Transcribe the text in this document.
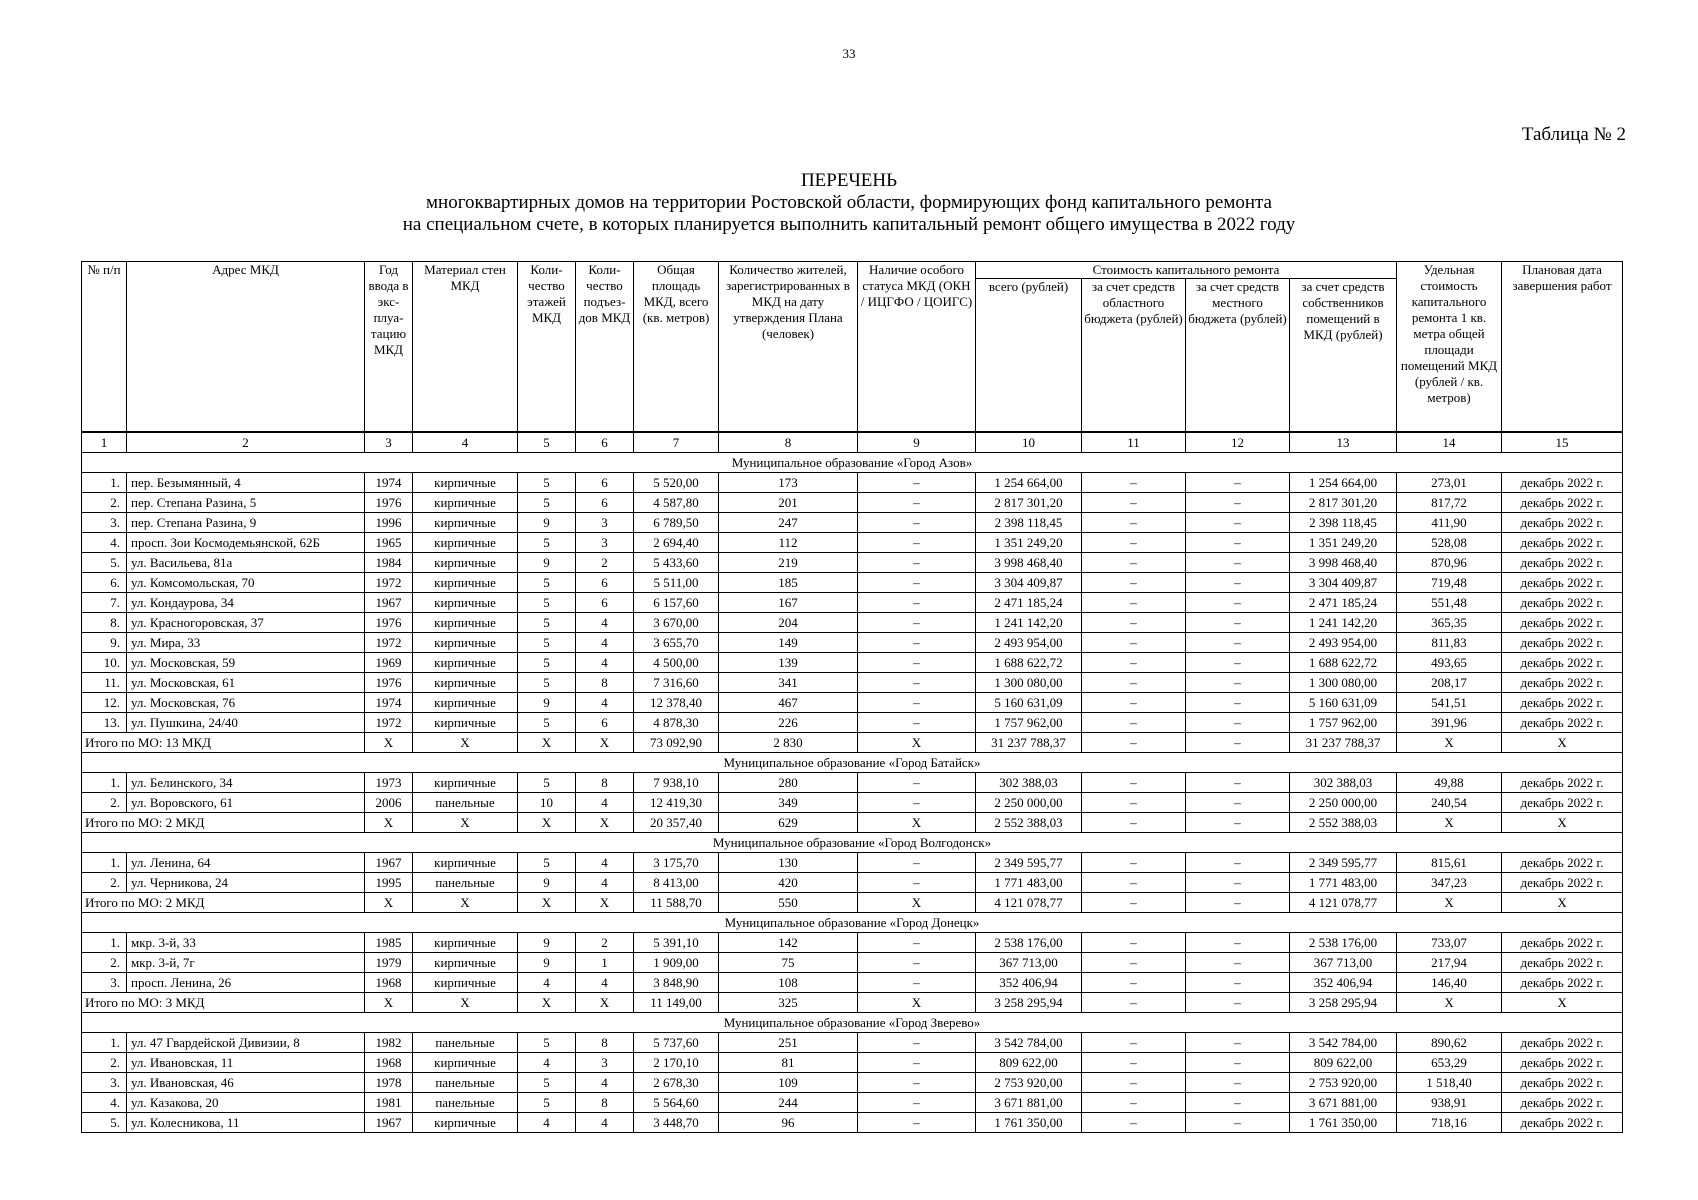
33
Таблица № 2
ПЕРЕЧЕНЬ
многоквартирных домов на территории Ростовской области, формирующих фонд капитального ремонта
на специальном счете, в которых планируется выполнить капитальный ремонт общего имущества в 2022 году
№ п/п	Адрес МКД	Год ввода в экс- плуа- тацию МКД	Материал стен МКД	Коли- чество этажей МКД	Коли- чество подъез- дов МКД	Общая площадь МКД, всего (кв. метров)	Количество жителей, зарегистрированных в МКД на дату утверждения Плана (человек)	Наличие особого статуса МКД (ОКН / ИЦГФО / ЦОИГС)	Стоимость капитального ремонта				Удельная стоимость капитального ремонта 1 кв. метра общей площади помещений МКД (рублей / кв. метров)	Плановая дата завершения работ
									всего (рублей)	за счет средств областного бюджета (рублей)	за счет средств местного бюджета (рублей)	за счет средств собственников помещений в МКД (рублей)		
1	2	3	4	5	6	7	8	9	10	11	12	13	14	15
Муниципальное образование «Город Азов»														
1.	пер. Безымянный, 4	1974	кирпичные	5	6	5 520,00	173	–	1 254 664,00	–	–	1 254 664,00	273,01	декабрь 2022 г.
2.	пер. Степана Разина, 5	1976	кирпичные	5	6	4 587,80	201	–	2 817 301,20	–	–	2 817 301,20	817,72	декабрь 2022 г.
3.	пер. Степана Разина, 9	1996	кирпичные	9	3	6 789,50	247	–	2 398 118,45	–	–	2 398 118,45	411,90	декабрь 2022 г.
4.	просп. Зои Космодемьянской, 62Б	1965	кирпичные	5	3	2 694,40	112	–	1 351 249,20	–	–	1 351 249,20	528,08	декабрь 2022 г.
5.	ул. Васильева, 81а	1984	кирпичные	9	2	5 433,60	219	–	3 998 468,40	–	–	3 998 468,40	870,96	декабрь 2022 г.
6.	ул. Комсомольская, 70	1972	кирпичные	5	6	5 511,00	185	–	3 304 409,87	–	–	3 304 409,87	719,48	декабрь 2022 г.
7.	ул. Кондаурова, 34	1967	кирпичные	5	6	6 157,60	167	–	2 471 185,24	–	–	2 471 185,24	551,48	декабрь 2022 г.
8.	ул. Красногоровская, 37	1976	кирпичные	5	4	3 670,00	204	–	1 241 142,20	–	–	1 241 142,20	365,35	декабрь 2022 г.
9.	ул. Мира, 33	1972	кирпичные	5	4	3 655,70	149	–	2 493 954,00	–	–	2 493 954,00	811,83	декабрь 2022 г.
10.	ул. Московская, 59	1969	кирпичные	5	4	4 500,00	139	–	1 688 622,72	–	–	1 688 622,72	493,65	декабрь 2022 г.
11.	ул. Московская, 61	1976	кирпичные	5	8	7 316,60	341	–	1 300 080,00	–	–	1 300 080,00	208,17	декабрь 2022 г.
12.	ул. Московская, 76	1974	кирпичные	9	4	12 378,40	467	–	5 160 631,09	–	–	5 160 631,09	541,51	декабрь 2022 г.
13.	ул. Пушкина, 24/40	1972	кирпичные	5	6	4 878,30	226	–	1 757 962,00	–	–	1 757 962,00	391,96	декабрь 2022 г.
Итого по МО: 13 МКД		X	X	X	X	73 092,90	2 830	X	31 237 788,37	–	–	31 237 788,37	X	X
Муниципальное образование «Город Батайск»														
1.	ул. Белинского, 34	1973	кирпичные	5	8	7 938,10	280	–	302 388,03	–	–	302 388,03	49,88	декабрь 2022 г.
2.	ул. Воровского, 61	2006	панельные	10	4	12 419,30	349	–	2 250 000,00	–	–	2 250 000,00	240,54	декабрь 2022 г.
Итого по МО: 2 МКД		X	X	X	X	20 357,40	629	X	2 552 388,03	–	–	2 552 388,03	X	X
Муниципальное образование «Город Волгодонск»														
1.	ул. Ленина, 64	1967	кирпичные	5	4	3 175,70	130	–	2 349 595,77	–	–	2 349 595,77	815,61	декабрь 2022 г.
2.	ул. Черникова, 24	1995	панельные	9	4	8 413,00	420	–	1 771 483,00	–	–	1 771 483,00	347,23	декабрь 2022 г.
Итого по МО: 2 МКД		X	X	X	X	11 588,70	550	X	4 121 078,77	–	–	4 121 078,77	X	X
Муниципальное образование «Город Донецк»														
1.	мкр. 3-й, 33	1985	кирпичные	9	2	5 391,10	142	–	2 538 176,00	–	–	2 538 176,00	733,07	декабрь 2022 г.
2.	мкр. 3-й, 7г	1979	кирпичные	9	1	1 909,00	75	–	367 713,00	–	–	367 713,00	217,94	декабрь 2022 г.
3.	просп. Ленина, 26	1968	кирпичные	4	4	3 848,90	108	–	352 406,94	–	–	352 406,94	146,40	декабрь 2022 г.
Итого по МО: 3 МКД		X	X	X	X	11 149,00	325	X	3 258 295,94	–	–	3 258 295,94	X	X
Муниципальное образование «Город Зверево»														
1.	ул. 47 Гвардейской Дивизии, 8	1982	панельные	5	8	5 737,60	251	–	3 542 784,00	–	–	3 542 784,00	890,62	декабрь 2022 г.
2.	ул. Ивановская, 11	1968	кирпичные	4	3	2 170,10	81	–	809 622,00	–	–	809 622,00	653,29	декабрь 2022 г.
3.	ул. Ивановская, 46	1978	панельные	5	4	2 678,30	109	–	2 753 920,00	–	–	2 753 920,00	1 518,40	декабрь 2022 г.
4.	ул. Казакова, 20	1981	панельные	5	8	5 564,60	244	–	3 671 881,00	–	–	3 671 881,00	938,91	декабрь 2022 г.
5.	ул. Колесникова, 11	1967	кирпичные	4	4	3 448,70	96	–	1 761 350,00	–	–	1 761 350,00	718,16	декабрь 2022 г.
